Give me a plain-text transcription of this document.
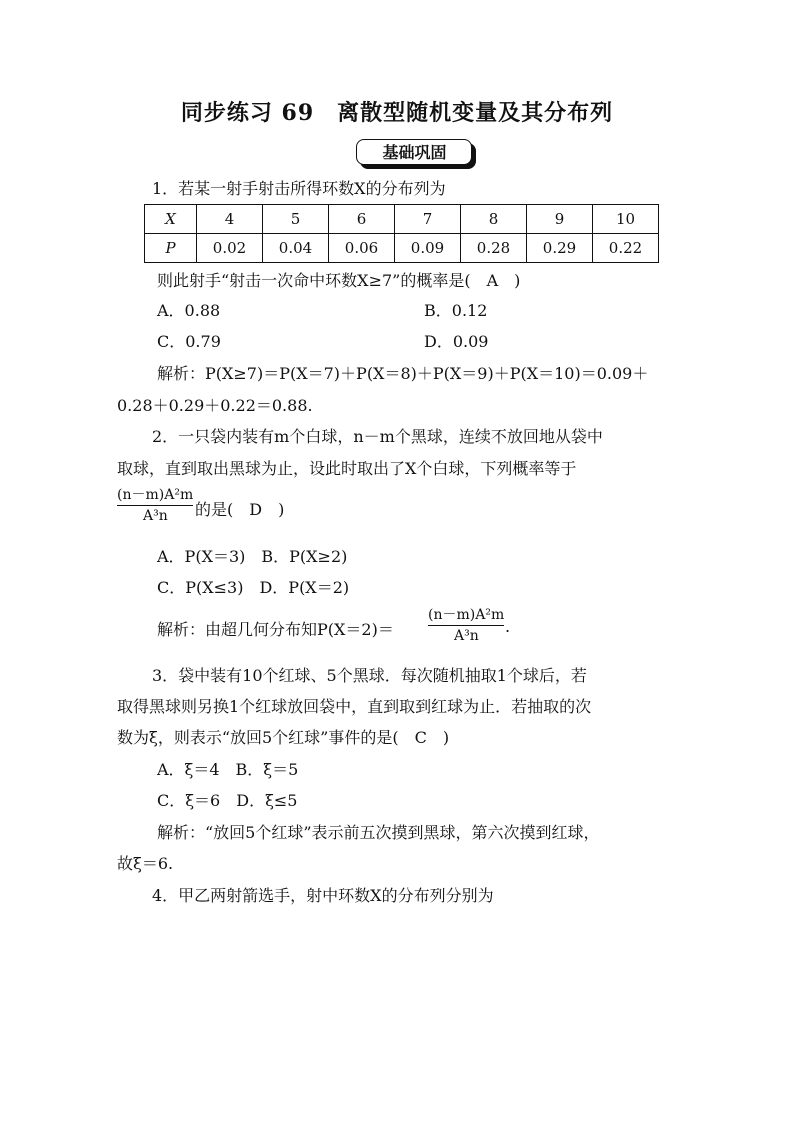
同步练习 69　离散型随机变量及其分布列
基础巩固
1．若某一射手射击所得环数X的分布列为
X	4	5	6	7	8	9	10
P	0.02	0.04	0.06	0.09	0.28	0.29	0.22
则此射手“射击一次命中环数X≥7”的概率是(　A　)
A．0.88	B．0.12
C．0.79	D．0.09
解析：P(X≥7)＝P(X＝7)＋P(X＝8)＋P(X＝9)＋P(X＝10)＝0.09＋
0.28＋0.29＋0.22＝0.88.
2．一只袋内装有m个白球，n－m个黑球，连续不放回地从袋中
取球，直到取出黑球为止，设此时取出了X个白球，下列概率等于
(n－m)A²m
A³n 的是(　D　)
A．P(X＝3)　B．P(X≥2)
C．P(X≤3)　D．P(X＝2)
解析：由超几何分布知P(X＝2)＝
(n－m)A²m
A³n .
3．袋中装有10个红球、5个黑球．每次随机抽取1个球后，若
取得黑球则另换1个红球放回袋中，直到取到红球为止．若抽取的次
数为ξ，则表示“放回5个红球”事件的是(　C　)
A．ξ＝4　B．ξ＝5
C．ξ＝6　D．ξ≤5
解析：“放回5个红球”表示前五次摸到黑球，第六次摸到红球，
故ξ＝6.
4．甲乙两射箭选手，射中环数X的分布列分别为
